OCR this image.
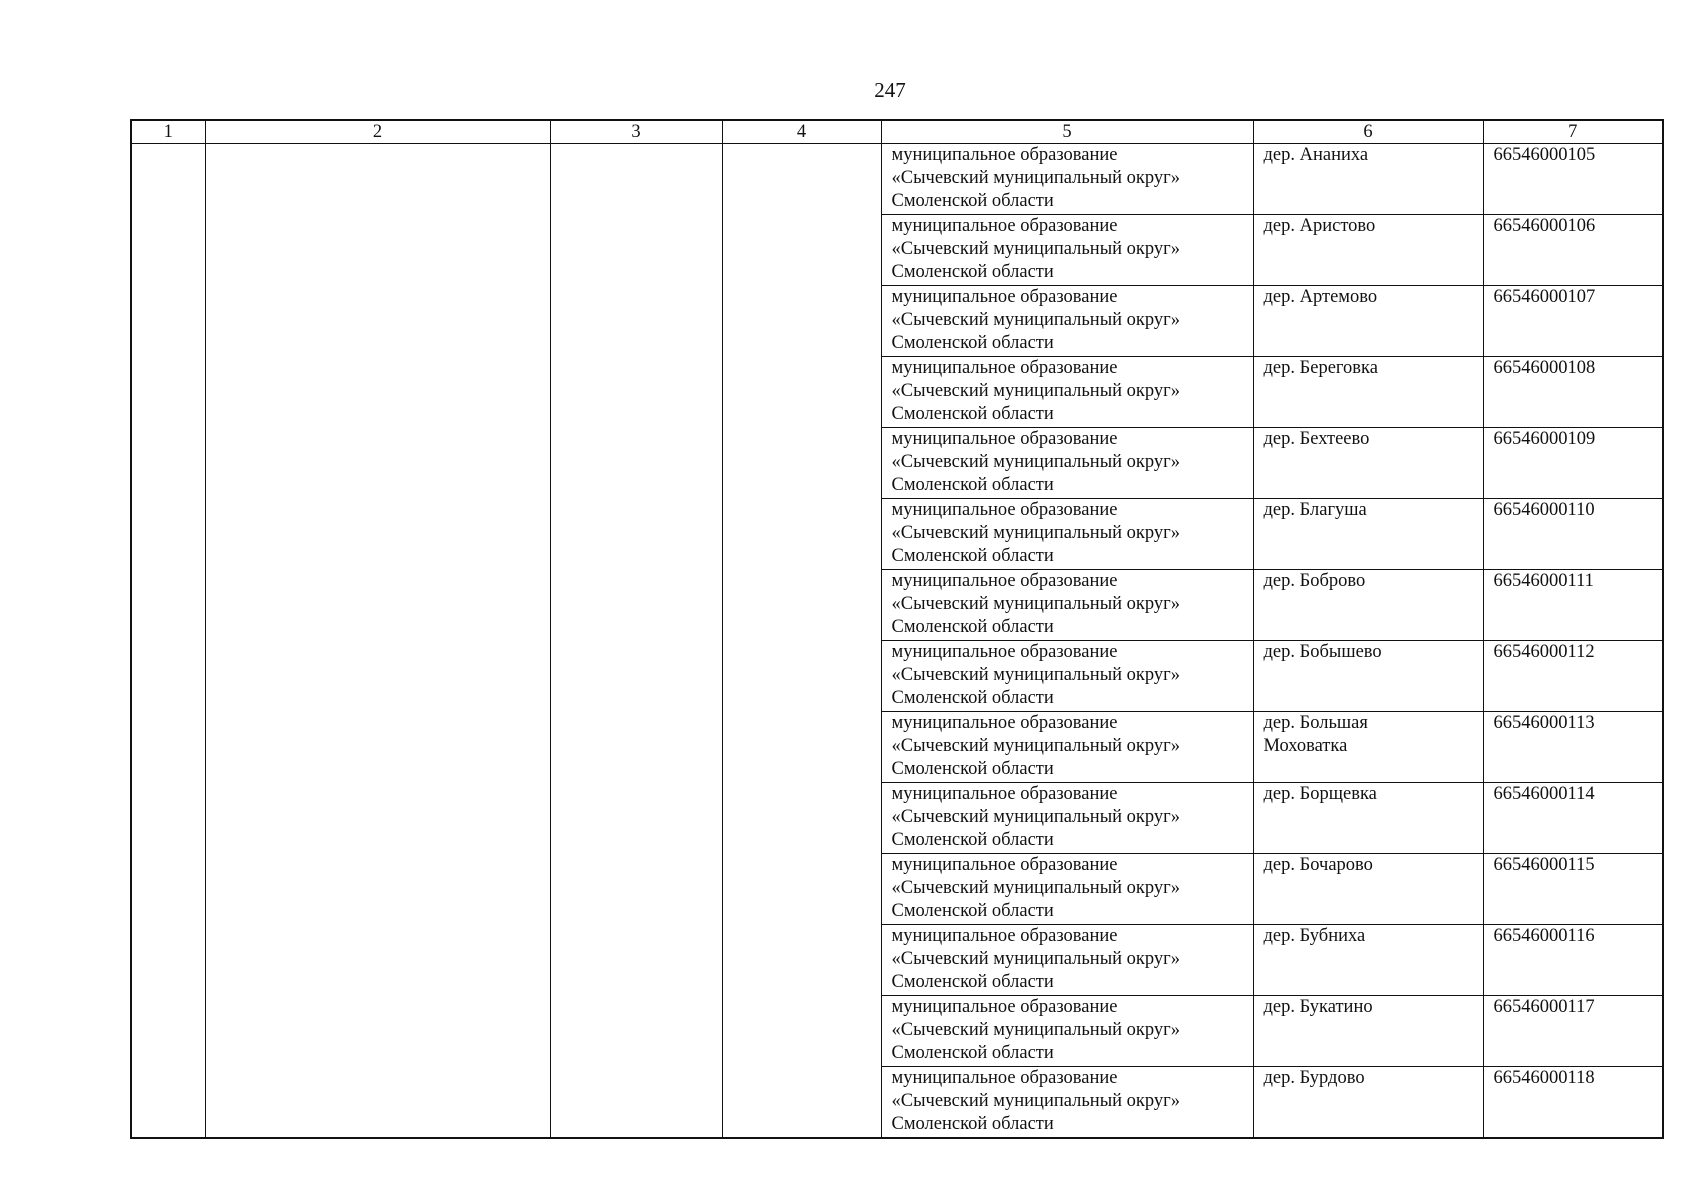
247
1	2	3	4	5	6	7

				муниципальное образование
«Сычевский муниципальный округ»
Смоленской области	дер. Ананиха	66546000105

				муниципальное образование
«Сычевский муниципальный округ»
Смоленской области	дер. Аристово	66546000106

				муниципальное образование
«Сычевский муниципальный округ»
Смоленской области	дер. Артемово	66546000107

				муниципальное образование
«Сычевский муниципальный округ»
Смоленской области	дер. Береговка	66546000108

				муниципальное образование
«Сычевский муниципальный округ»
Смоленской области	дер. Бехтеево	66546000109

				муниципальное образование
«Сычевский муниципальный округ»
Смоленской области	дер. Благуша	66546000110

				муниципальное образование
«Сычевский муниципальный округ»
Смоленской области	дер. Боброво	66546000111

				муниципальное образование
«Сычевский муниципальный округ»
Смоленской области	дер. Бобышево	66546000112

				муниципальное образование
«Сычевский муниципальный округ»
Смоленской области	дер. Большая
Моховатка	66546000113

				муниципальное образование
«Сычевский муниципальный округ»
Смоленской области	дер. Борщевка	66546000114

				муниципальное образование
«Сычевский муниципальный округ»
Смоленской области	дер. Бочарово	66546000115

				муниципальное образование
«Сычевский муниципальный округ»
Смоленской области	дер. Бубниха	66546000116

				муниципальное образование
«Сычевский муниципальный округ»
Смоленской области	дер. Букатино	66546000117

				муниципальное образование
«Сычевский муниципальный округ»
Смоленской области	дер. Бурдово	66546000118
